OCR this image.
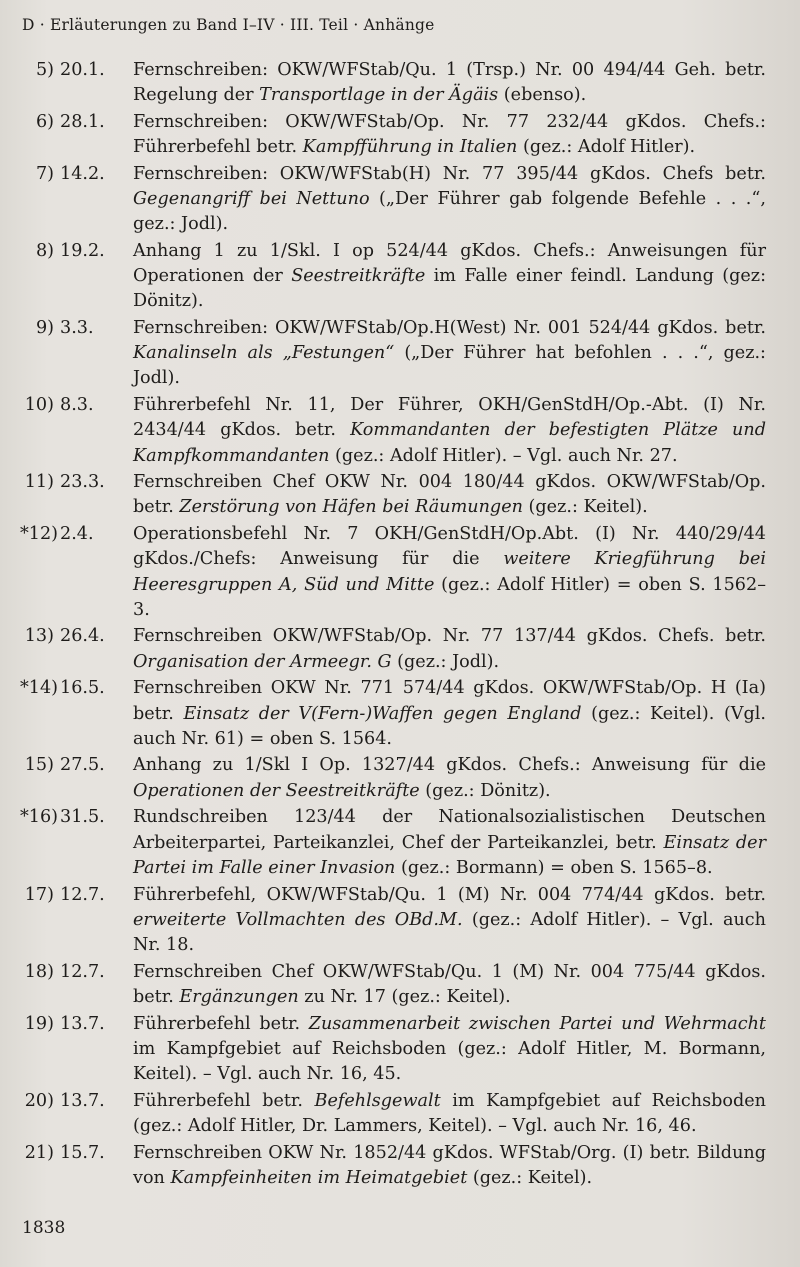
D · Erläuterungen zu Band I–IV · III. Teil · Anhänge
5) 20.1. Fernschreiben: OKW/WFStab/Qu. 1 (Trsp.) Nr. 00 494/44 Geh. betr. Regelung der Transportlage in der Ägäis (ebenso).
6) 28.1. Fernschreiben: OKW/WFStab/Op. Nr. 77 232/44 gKdos. Chefs.: Führerbefehl betr. Kampfführung in Italien (gez.: Adolf Hitler).
7) 14.2. Fernschreiben: OKW/WFStab(H) Nr. 77 395/44 gKdos. Chefs betr. Gegenangriff bei Nettuno („Der Führer gab folgende Befehle . . .“, gez.: Jodl).
8) 19.2. Anhang 1 zu 1/Skl. I op 524/44 gKdos. Chefs.: Anweisungen für Operationen der Seestreitkräfte im Falle einer feindl. Landung (gez: Dönitz).
9) 3.3. Fernschreiben: OKW/WFStab/Op.H(West) Nr. 001 524/44 gKdos. betr. Kanalinseln als „Festungen“ („Der Führer hat befohlen . . .“, gez.: Jodl).
10) 8.3. Führerbefehl Nr. 11, Der Führer, OKH/GenStdH/Op.-Abt. (I) Nr. 2434/44 gKdos. betr. Kommandanten der befestigten Plätze und Kampfkommandanten (gez.: Adolf Hitler). – Vgl. auch Nr. 27.
11) 23.3. Fernschreiben Chef OKW Nr. 004 180/44 gKdos. OKW/WFStab/Op. betr. Zerstörung von Häfen bei Räumungen (gez.: Keitel).
*12) 2.4. Operationsbefehl Nr. 7 OKH/GenStdH/Op.Abt. (I) Nr. 440/29/44 gKdos./Chefs: Anweisung für die weitere Kriegführung bei Heeresgruppen A, Süd und Mitte (gez.: Adolf Hitler) = oben S. 1562–3.
13) 26.4. Fernschreiben OKW/WFStab/Op. Nr. 77 137/44 gKdos. Chefs. betr. Organisation der Armeegr. G (gez.: Jodl).
*14) 16.5. Fernschreiben OKW Nr. 771 574/44 gKdos. OKW/WFStab/Op. H (Ia) betr. Einsatz der V(Fern-)Waffen gegen England (gez.: Keitel). (Vgl. auch Nr. 61) = oben S. 1564.
15) 27.5. Anhang zu 1/Skl I Op. 1327/44 gKdos. Chefs.: Anweisung für die Operationen der Seestreitkräfte (gez.: Dönitz).
*16) 31.5. Rundschreiben 123/44 der Nationalsozialistischen Deutschen Arbeiterpartei, Parteikanzlei, Chef der Parteikanzlei, betr. Einsatz der Partei im Falle einer Invasion (gez.: Bormann) = oben S. 1565–8.
17) 12.7. Führerbefehl, OKW/WFStab/Qu. 1 (M) Nr. 004 774/44 gKdos. betr. erweiterte Vollmachten des OBd.M. (gez.: Adolf Hitler). – Vgl. auch Nr. 18.
18) 12.7. Fernschreiben Chef OKW/WFStab/Qu. 1 (M) Nr. 004 775/44 gKdos. betr. Ergänzungen zu Nr. 17 (gez.: Keitel).
19) 13.7. Führerbefehl betr. Zusammenarbeit zwischen Partei und Wehrmacht im Kampfgebiet auf Reichsboden (gez.: Adolf Hitler, M. Bormann, Keitel). – Vgl. auch Nr. 16, 45.
20) 13.7. Führerbefehl betr. Befehlsgewalt im Kampfgebiet auf Reichsboden (gez.: Adolf Hitler, Dr. Lammers, Keitel). – Vgl. auch Nr. 16, 46.
21) 15.7. Fernschreiben OKW Nr. 1852/44 gKdos. WFStab/Org. (I) betr. Bildung von Kampfeinheiten im Heimatgebiet (gez.: Keitel).
1838
